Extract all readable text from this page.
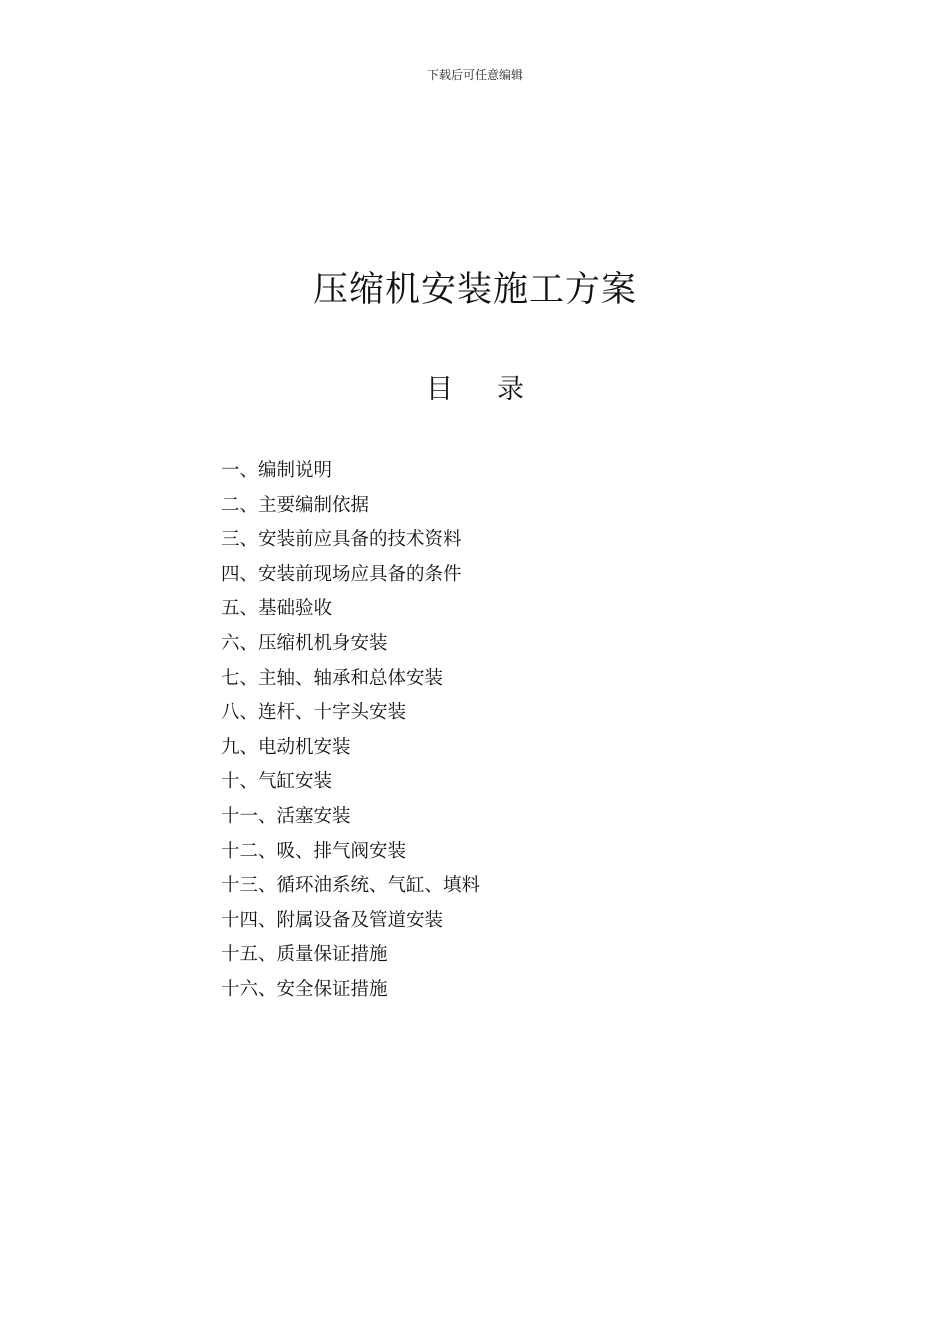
下载后可任意编辑
压缩机安装施工方案
目 录
一、编制说明
二、主要编制依据
三、安装前应具备的技术资料
四、安装前现场应具备的条件
五、基础验收
六、压缩机机身安装
七、主轴、轴承和总体安装
八、连杆、十字头安装
九、电动机安装
十、气缸安装
十一、活塞安装
十二、吸、排气阀安装
十三、循环油系统、气缸、填料
十四、附属设备及管道安装
十五、质量保证措施
十六、安全保证措施
